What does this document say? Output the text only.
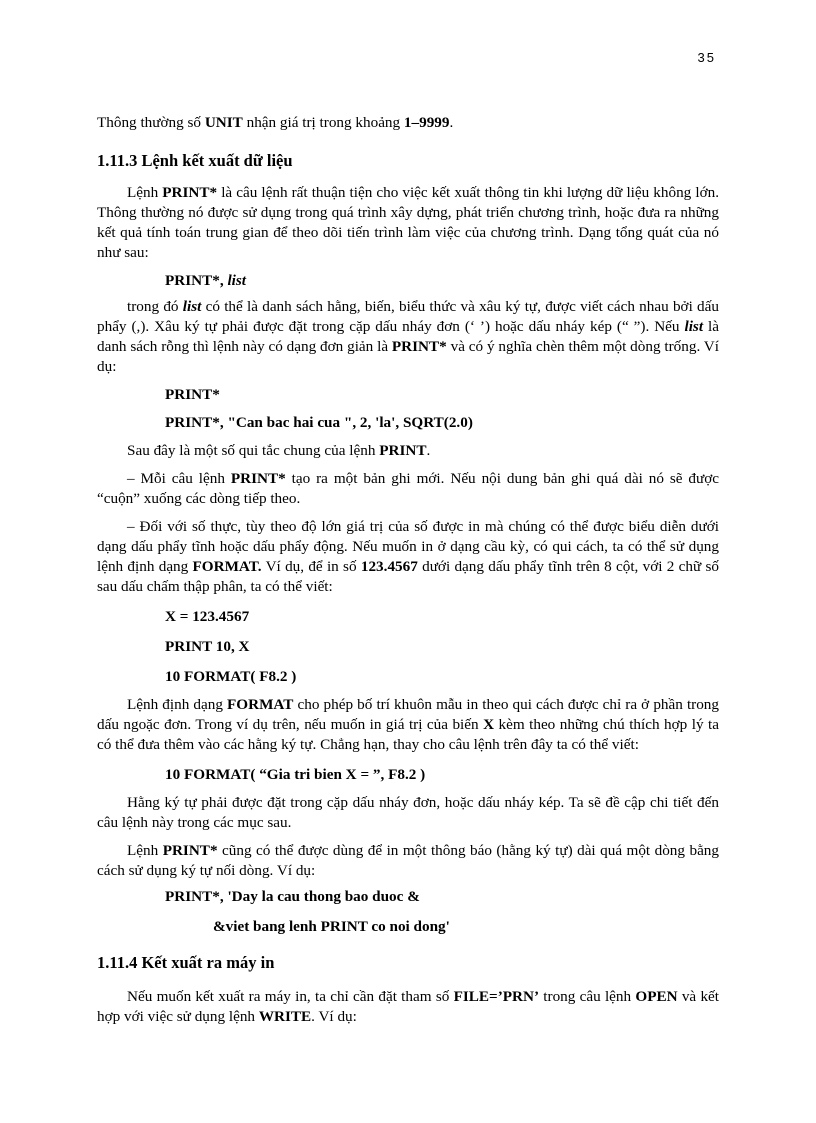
35

Thông thường số UNIT nhận giá trị trong khoảng 1–9999.

1.11.3 Lệnh kết xuất dữ liệu

Lệnh PRINT* là câu lệnh rất thuận tiện cho việc kết xuất thông tin khi lượng dữ liệu không lớn. Thông thường nó được sử dụng trong quá trình xây dựng, phát triển chương trình, hoặc đưa ra những kết quả tính toán trung gian để theo dõi tiến trình làm việc của chương trình. Dạng tổng quát của nó như sau:

PRINT*, list

trong đó list có thể là danh sách hằng, biến, biểu thức và xâu ký tự, được viết cách nhau bởi dấu phẩy (,). Xâu ký tự phải được đặt trong cặp dấu nháy đơn (‘ ’) hoặc dấu nháy kép (“ ”). Nếu list là danh sách rỗng thì lệnh này có dạng đơn giản là PRINT* và có ý nghĩa chèn thêm một dòng trống. Ví dụ:

PRINT*

PRINT*, "Can bac hai cua ", 2, 'la', SQRT(2.0)

Sau đây là một số qui tắc chung của lệnh PRINT.

– Mỗi câu lệnh PRINT* tạo ra một bản ghi mới. Nếu nội dung bản ghi quá dài nó sẽ được “cuộn” xuống các dòng tiếp theo.

– Đối với số thực, tùy theo độ lớn giá trị của số được in mà chúng có thể được biểu diễn dưới dạng dấu phẩy tĩnh hoặc dấu phẩy động. Nếu muốn in ở dạng cầu kỳ, có qui cách, ta có thể sử dụng lệnh định dạng FORMAT. Ví dụ, để in số 123.4567 dưới dạng dấu phẩy tĩnh trên 8 cột, với 2 chữ số sau dấu chấm thập phân, ta có thể viết:

X = 123.4567

PRINT 10, X

10 FORMAT( F8.2 )

Lệnh định dạng FORMAT cho phép bố trí khuôn mẫu in theo qui cách được chỉ ra ở phần trong dấu ngoặc đơn. Trong ví dụ trên, nếu muốn in giá trị của biến X kèm theo những chú thích hợp lý ta có thể đưa thêm vào các hằng ký tự. Chẳng hạn, thay cho câu lệnh trên đây ta có thể viết:

10 FORMAT( “Gia tri bien X = ”, F8.2 )

Hằng ký tự phải được đặt trong cặp dấu nháy đơn, hoặc dấu nháy kép. Ta sẽ đề cập chi tiết đến câu lệnh này trong các mục sau.

Lệnh PRINT* cũng có thể được dùng để in một thông báo (hằng ký tự) dài quá một dòng bằng cách sử dụng ký tự nối dòng. Ví dụ:

PRINT*, 'Day la cau thong bao duoc &

&viet bang lenh PRINT co noi dong'

1.11.4 Kết xuất ra máy in

Nếu muốn kết xuất ra máy in, ta chỉ cần đặt tham số FILE=’PRN’ trong câu lệnh OPEN và kết hợp với việc sử dụng lệnh WRITE. Ví dụ:
